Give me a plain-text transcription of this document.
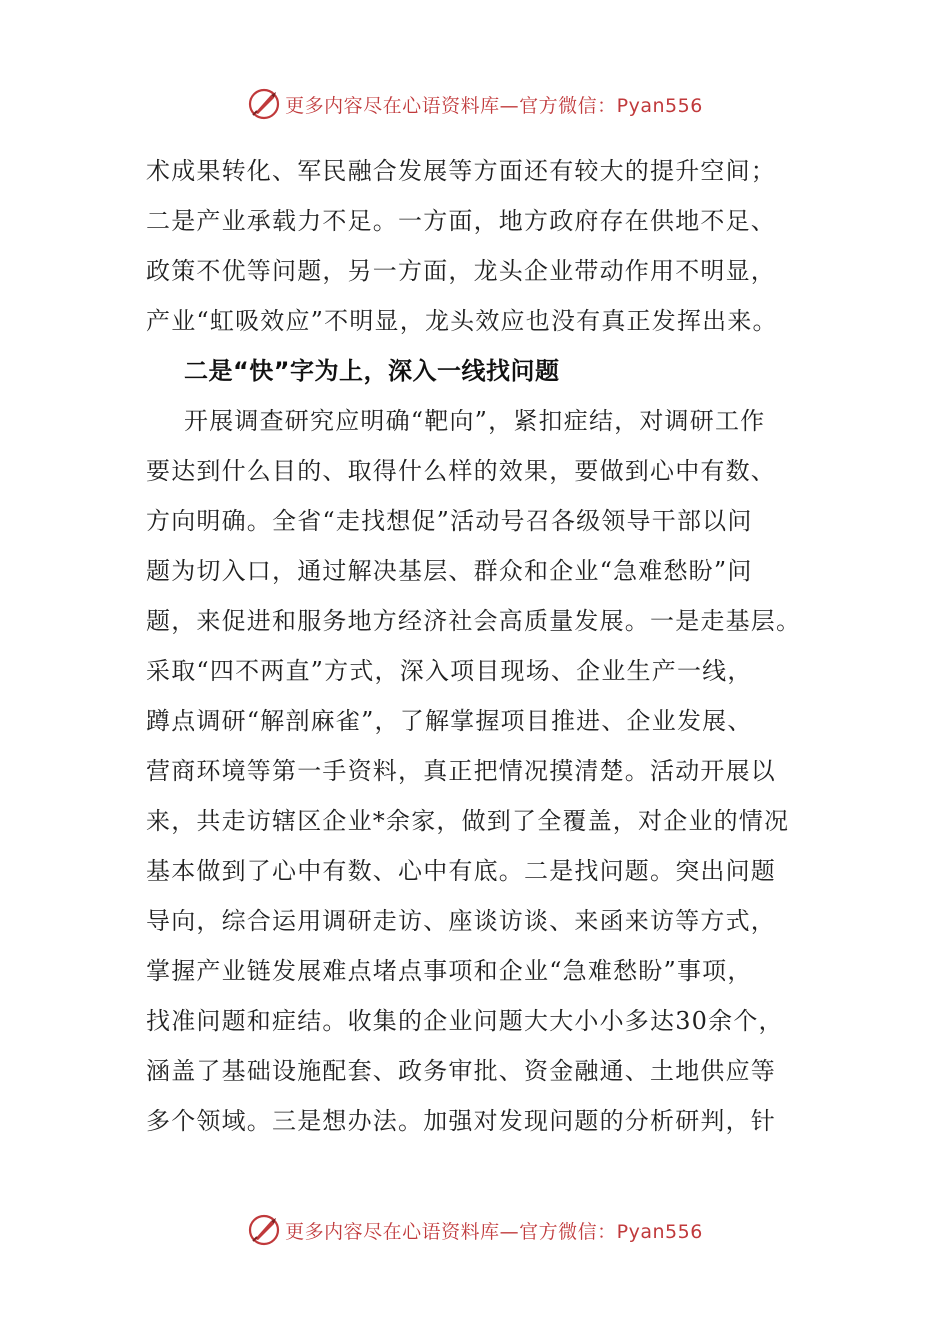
更多内容尽在心语资料库—官方微信：Pyan556
术成果转化、军民融合发展等方面还有较大的提升空间；
二是产业承载力不足。一方面，地方政府存在供地不足、
政策不优等问题，另一方面，龙头企业带动作用不明显，
产业“虹吸效应”不明显，龙头效应也没有真正发挥出来。
二是“快”字为上，深入一线找问题
开展调查研究应明确“靶向”，紧扣症结，对调研工作
要达到什么目的、取得什么样的效果，要做到心中有数、
方向明确。全省“走找想促”活动号召各级领导干部以问
题为切入口，通过解决基层、群众和企业“急难愁盼”问
题，来促进和服务地方经济社会高质量发展。一是走基层。
采取“四不两直”方式，深入项目现场、企业生产一线，
蹲点调研“解剖麻雀”，了解掌握项目推进、企业发展、
营商环境等第一手资料，真正把情况摸清楚。活动开展以
来，共走访辖区企业*余家，做到了全覆盖，对企业的情况
基本做到了心中有数、心中有底。二是找问题。突出问题
导向，综合运用调研走访、座谈访谈、来函来访等方式，
掌握产业链发展难点堵点事项和企业“急难愁盼”事项，
找准问题和症结。收集的企业问题大大小小多达30余个，
涵盖了基础设施配套、政务审批、资金融通、土地供应等
多个领域。三是想办法。加强对发现问题的分析研判，针
更多内容尽在心语资料库—官方微信：Pyan556
